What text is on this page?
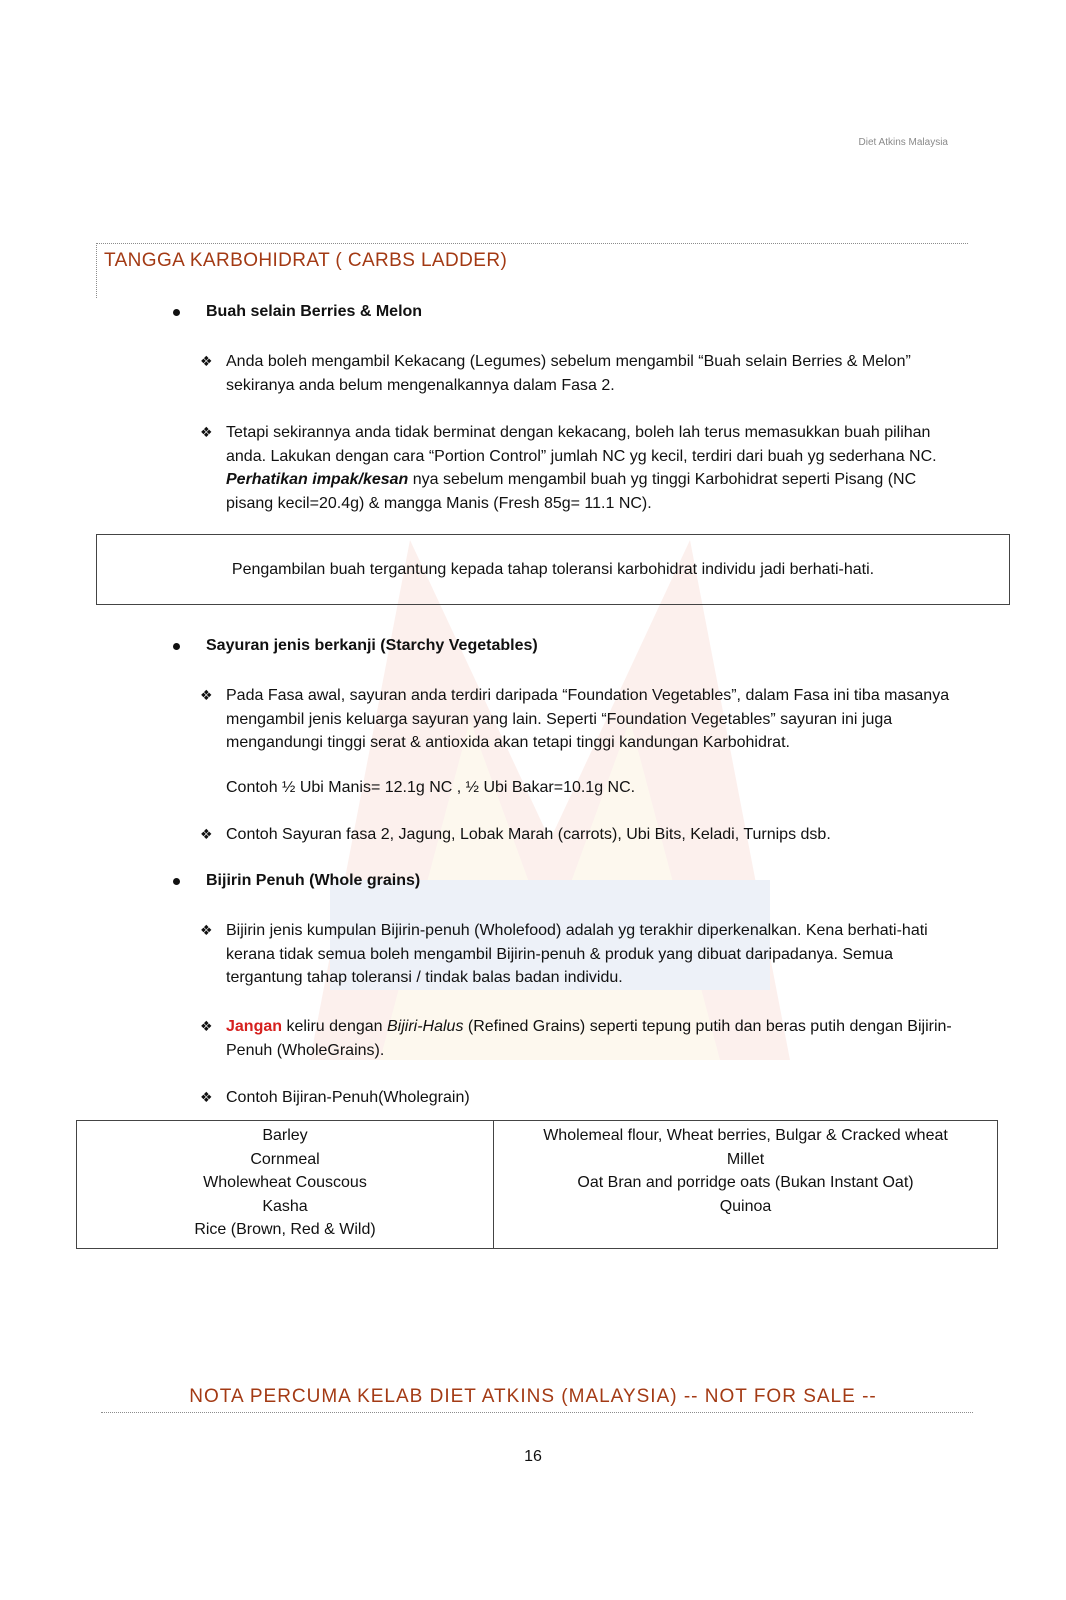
Diet Atkins Malaysia
TANGGA KARBOHIDRAT ( CARBS LADDER)
Buah selain Berries & Melon
❖ Anda boleh mengambil Kekacang (Legumes) sebelum mengambil “Buah selain Berries & Melon” sekiranya anda belum mengenalkannya dalam Fasa 2.
❖ Tetapi sekirannya anda tidak berminat dengan kekacang, boleh lah terus memasukkan buah pilihan anda. Lakukan dengan cara “Portion Control” jumlah NC yg kecil, terdiri dari buah yg sederhana NC. Perhatikan impak/kesan nya sebelum mengambil buah yg tinggi Karbohidrat seperti Pisang (NC pisang kecil=20.4g) & mangga Manis (Fresh 85g= 11.1 NC).
Pengambilan buah tergantung kepada tahap toleransi karbohidrat individu jadi berhati-hati.
Sayuran jenis berkanji (Starchy Vegetables)
❖ Pada Fasa awal, sayuran anda terdiri daripada “Foundation Vegetables”, dalam Fasa ini tiba masanya mengambil jenis keluarga sayuran yang lain. Seperti “Foundation Vegetables” sayuran ini juga mengandungi tinggi serat & antioxida akan tetapi tinggi kandungan Karbohidrat.
Contoh ½ Ubi Manis= 12.1g NC , ½ Ubi Bakar=10.1g NC.
❖ Contoh Sayuran fasa 2, Jagung, Lobak Marah (carrots), Ubi Bits, Keladi, Turnips dsb.
Bijirin Penuh (Whole grains)
❖ Bijirin jenis kumpulan Bijirin-penuh (Wholefood) adalah yg terakhir diperkenalkan. Kena berhati-hati kerana tidak semua boleh mengambil Bijirin-penuh & produk yang dibuat daripadanya. Semua tergantung tahap toleransi / tindak balas badan individu.
❖ Jangan keliru dengan Bijiri-Halus (Refined Grains) seperti tepung putih dan beras putih dengan Bijirin-Penuh (WholeGrains).
❖ Contoh Bijiran-Penuh(Wholegrain)
Barley
Cornmeal
Wholewheat Couscous
Kasha
Rice (Brown, Red & Wild)

Wholemeal flour, Wheat berries, Bulgar & Cracked wheat
Millet
Oat Bran and porridge oats (Bukan Instant Oat)
Quinoa
NOTA PERCUMA KELAB DIET ATKINS (MALAYSIA) -- NOT FOR SALE --
16
